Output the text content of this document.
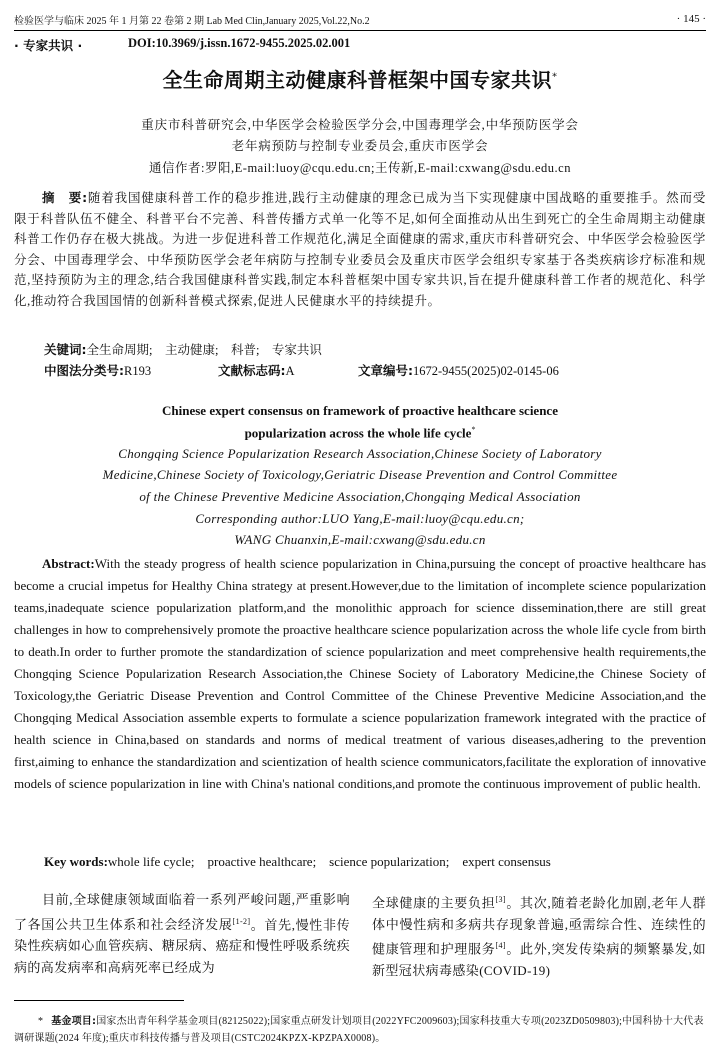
检验医学与临床 2025 年 1 月第 22 卷第 2 期 Lab Med Clin,January 2025,Vol.22,No.2	· 145 ·
· 专家共识 ·	DOI:10.3969/j.issn.1672-9455.2025.02.001
全生命周期主动健康科普框架中国专家共识*
重庆市科普研究会,中华医学会检验医学分会,中国毒理学会,中华预防医学会
老年病预防与控制专业委员会,重庆市医学会
通信作者:罗阳,E-mail:luoy@cqu.edu.cn;王传新,E-mail:cxwang@sdu.edu.cn
摘　要:随着我国健康科普工作的稳步推进,践行主动健康的理念已成为当下实现健康中国战略的重要推手。然而受限于科普队伍不健全、科普平台不完善、科普传播方式单一化等不足,如何全面推动从出生到死亡的全生命周期主动健康科普工作仍存在极大挑战。为进一步促进科普工作规范化,满足全面健康的需求,重庆市科普研究会、中华医学会检验医学分会、中国毒理学会、中华预防医学会老年病防与控制专业委员会及重庆市医学会组织专家基于各类疾病诊疗标准和规范,坚持预防为主的理念,结合我国健康科普实践,制定本科普框架中国专家共识,旨在提升健康科普工作者的规范化、科学化,推动符合我国国情的创新科普模式探索,促进人民健康水平的持续提升。
关键词:全生命周期;　主动健康;　科普;　专家共识
中图法分类号:R193	文献标志码:A	文章编号:1672-9455(2025)02-0145-06
Chinese expert consensus on framework of proactive healthcare science
popularization across the whole life cycle*
Chongqing Science Popularization Research Association,Chinese Society of Laboratory
Medicine,Chinese Society of Toxicology,Geriatric Disease Prevention and Control Committee
of the Chinese Preventive Medicine Association,Chongqing Medical Association
Corresponding author:LUO Yang,E-mail:luoy@cqu.edu.cn;
WANG Chuanxin,E-mail:cxwang@sdu.edu.cn
Abstract:With the steady progress of health science popularization in China,pursuing the concept of proactive healthcare has become a crucial impetus for Healthy China strategy at present.However,due to the limitation of incomplete science popularization teams,inadequate science popularization platform,and the monolithic approach for science dissemination,there are still great challenges in how to comprehensively promote the proactive healthcare science popularization across the whole life cycle from birth to death.In order to further promote the standardization of science popularization and meet comprehensive health requirements,the Chongqing Science Popularization Research Association,the Chinese Society of Laboratory Medicine,the Chinese Society of Toxicology,the Geriatric Disease Prevention and Control Committee of the Chinese Preventive Medicine Association,and the Chongqing Medical Association assemble experts to formulate a science popularization framework integrated with the practice of health science in China,based on standards and norms of medical treatment of various diseases,adhering to the prevention first,aiming to enhance the standardization and scientization of health science communicators,facilitate the exploration of innovative models of science popularization in line with China's national conditions,and promote the continuous improvement of public health.
Key words:whole life cycle;　proactive healthcare;　science popularization;　expert consensus
目前,全球健康领域面临着一系列严峻问题,严重影响了各国公共卫生体系和社会经济发展[1-2]。首先,慢性非传染性疾病如心血管疾病、糖尿病、癌症和慢性呼吸系统疾病的高发病率和高病死率已经成为
全球健康的主要负担[3]。其次,随着老龄化加剧,老年人群体中慢性病和多病共存现象普遍,亟需综合性、连续性的健康管理和护理服务[4]。此外,突发传染病的频繁暴发,如新型冠状病毒感染(COVID-19)
* 基金项目:国家杰出青年科学基金项目(82125022);国家重点研发计划项目(2022YFC2009603);国家科技重大专项(2023ZD0509803);中国科协十大代表调研课题(2024 年度);重庆市科技传播与普及项目(CSTC2024KPZX-KPZPAX0008)。
